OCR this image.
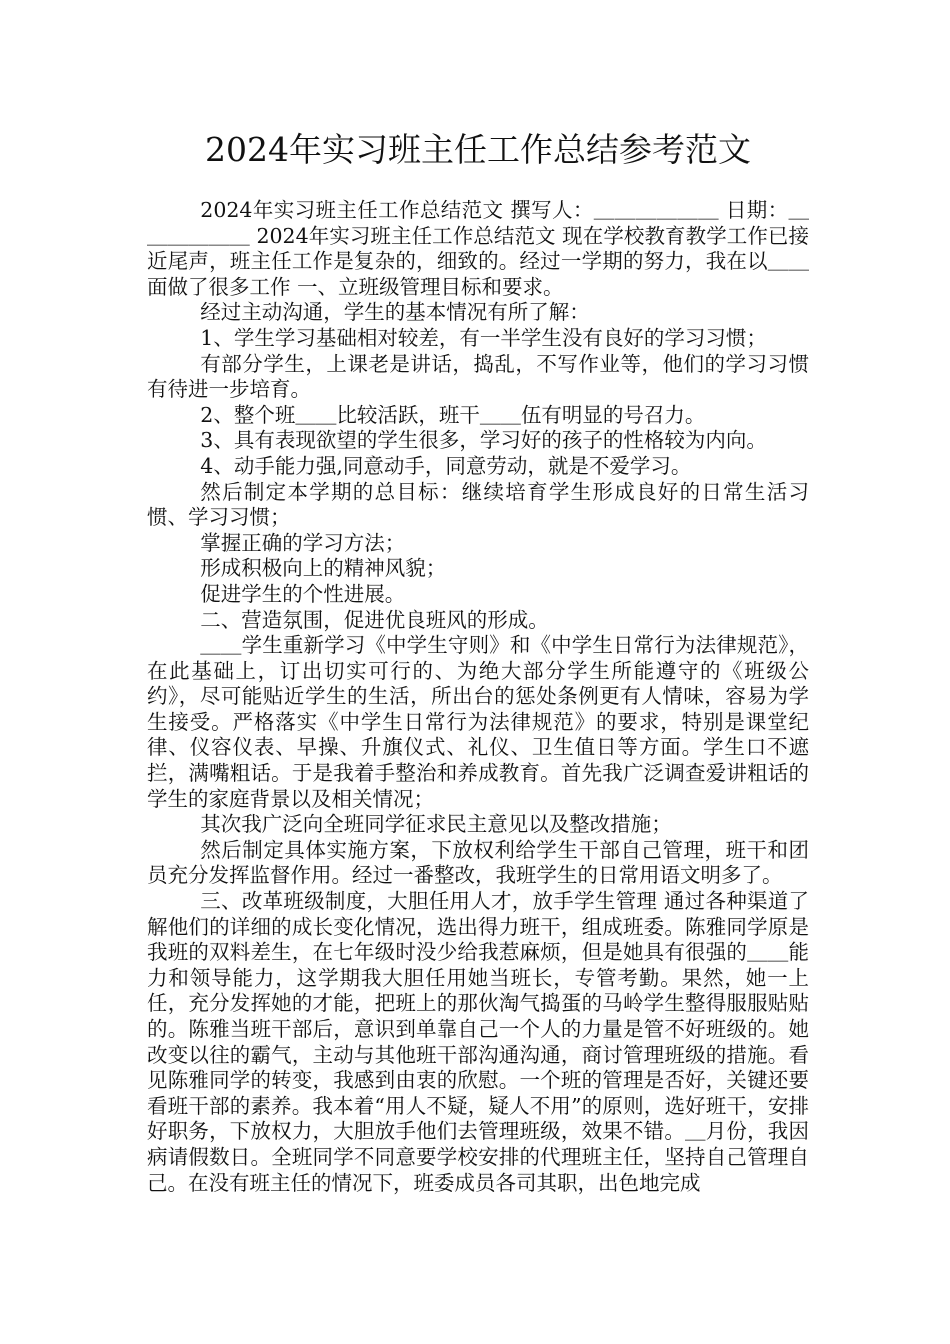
2024年实习班主任工作总结参考范文

2024年实习班主任工作总结范文 撰写人：＿＿＿＿＿＿ 日期：＿＿＿＿＿＿ 2024年实习班主任工作总结范文 现在学校教育教学工作已接近尾声，班主任工作是复杂的，细致的。经过一学期的努力，我在以＿＿面做了很多工作 一、立班级管理目标和要求。

经过主动沟通，学生的基本情况有所了解：

1、学生学习基础相对较差，有一半学生没有良好的学习习惯；

有部分学生，上课老是讲话，捣乱，不写作业等，他们的学习习惯有待进一步培育。

2、整个班＿＿比较活跃，班干＿＿伍有明显的号召力。

3、具有表现欲望的学生很多，学习好的孩子的性格较为内向。

4、动手能力强,同意动手，同意劳动，就是不爱学习。

然后制定本学期的总目标：继续培育学生形成良好的日常生活习惯、学习习惯；

掌握正确的学习方法；

形成积极向上的精神风貌；

促进学生的个性进展。

二、营造氛围，促进优良班风的形成。

＿＿学生重新学习《中学生守则》和《中学生日常行为法律规范》，在此基础上，订出切实可行的、为绝大部分学生所能遵守的《班级公约》，尽可能贴近学生的生活，所出台的惩处条例更有人情味，容易为学生接受。严格落实《中学生日常行为法律规范》的要求，特别是课堂纪律、仪容仪表、早操、升旗仪式、礼仪、卫生值日等方面。学生口不遮拦，满嘴粗话。于是我着手整治和养成教育。首先我广泛调查爱讲粗话的学生的家庭背景以及相关情况；

其次我广泛向全班同学征求民主意见以及整改措施；

然后制定具体实施方案，下放权利给学生干部自己管理，班干和团员充分发挥监督作用。经过一番整改，我班学生的日常用语文明多了。

三、改革班级制度，大胆任用人才，放手学生管理 通过各种渠道了解他们的详细的成长变化情况，选出得力班干，组成班委。陈雅同学原是我班的双料差生，在七年级时没少给我惹麻烦，但是她具有很强的＿＿能力和领导能力，这学期我大胆任用她当班长，专管考勤。果然，她一上任，充分发挥她的才能，把班上的那伙淘气捣蛋的马岭学生整得服服贴贴的。陈雅当班干部后，意识到单靠自己一个人的力量是管不好班级的。她改变以往的霸气，主动与其他班干部沟通沟通，商讨管理班级的措施。看见陈雅同学的转变，我感到由衷的欣慰。一个班的管理是否好，关键还要看班干部的素养。我本着“用人不疑，疑人不用”的原则，选好班干，安排好职务，下放权力，大胆放手他们去管理班级，效果不错。＿月份，我因病请假数日。全班同学不同意要学校安排的代理班主任，坚持自己管理自己。在没有班主任的情况下，班委成员各司其职，出色地完成
